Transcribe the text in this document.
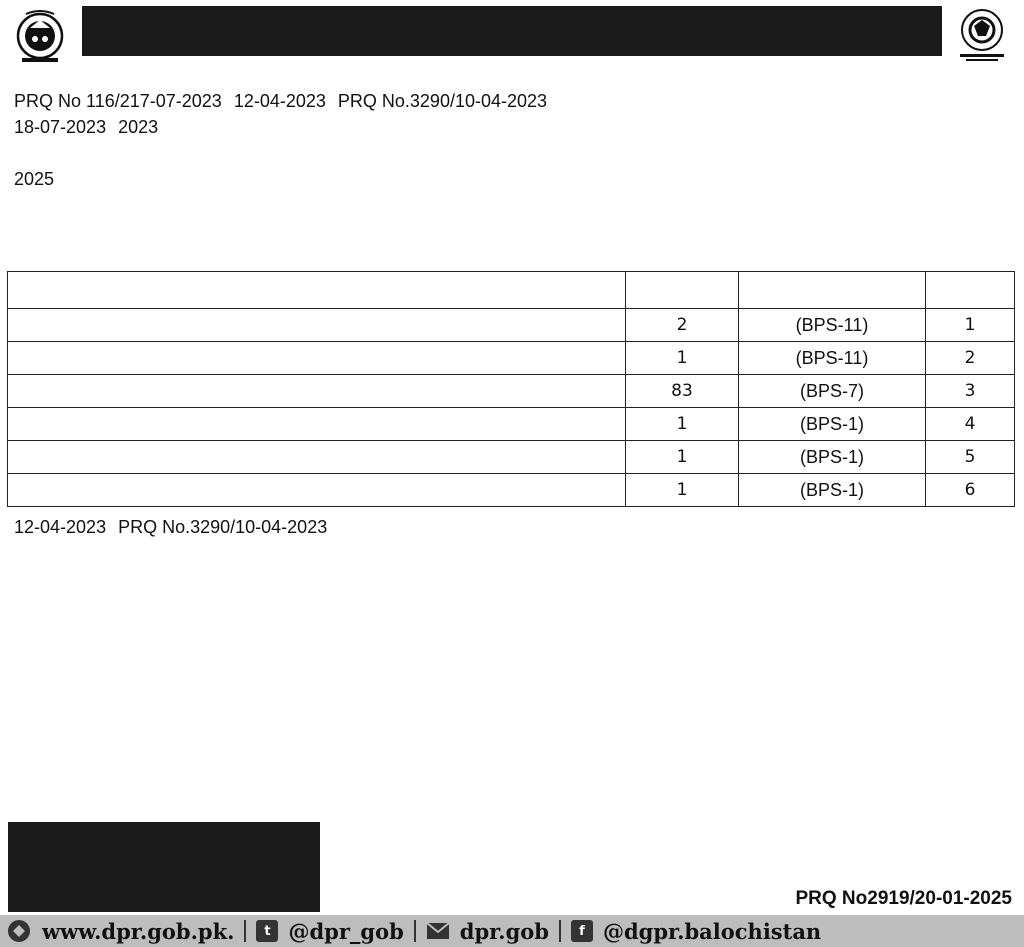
PRQ No.3290/10-04-2023
12-04-2023
PRQ No 116/217-07-2023
2023
18-07-2023
2025

	2	(BPS-11)	1
	1	(BPS-11)	2
	83	(BPS-7)	3
	1	(BPS-1)	4
	1	(BPS-1)	5
	1	(BPS-1)	6
PRQ No.3290/10-04-2023
12-04-2023
PRQ No2919/20-01-2025
www.dpr.gob.pk.	t @dpr_gob	dpr.gob	f @dgpr.balochistan
